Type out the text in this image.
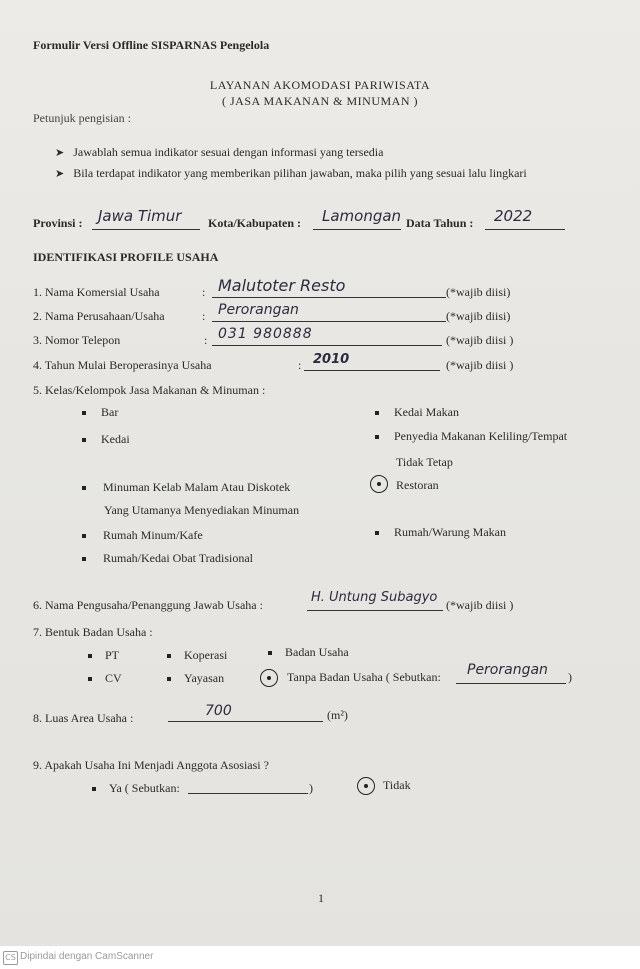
Formulir Versi Offline SISPARNAS Pengelola
LAYANAN AKOMODASI PARIWISATA
( JASA MAKANAN & MINUMAN )
Petunjuk pengisian :
➤ Jawablah semua indikator sesuai dengan informasi yang tersedia
➤ Bila terdapat indikator yang memberikan pilihan jawaban, maka pilih yang sesuai lalu lingkari
Provinsi : Jawa Timur Kota/Kabupaten : Lamongan Data Tahun : 2022
IDENTIFIKASI PROFILE USAHA
1. Nama Komersial Usaha	: Malutoter Resto	(*wajib diisi)
2. Nama Perusahaan/Usaha	: Perorangan	(*wajib diisi)
3. Nomor Telepon	: 031 980888	(*wajib diisi )
4. Tahun Mulai Beroperasinya Usaha	: 2010	(*wajib diisi )
5. Kelas/Kelompok Jasa Makanan & Minuman :
Bar
Kedai
Minuman Kelab Malam Atau Diskotek
Yang Utamanya Menyediakan Minuman
Rumah Minum/Kafe
Rumah/Kedai Obat Tradisional
Kedai Makan
Penyedia Makanan Keliling/Tempat
Tidak Tetap
Restoran
Rumah/Warung Makan
6. Nama Pengusaha/Penanggung Jawab Usaha :	H. Untung Subagyo (*wajib diisi )
7. Bentuk Badan Usaha :
PT	Koperasi	Badan Usaha
CV	Yayasan	Tanpa Badan Usaha ( Sebutkan: Perorangan )
8. Luas Area Usaha :	700	(m²)
9. Apakah Usaha Ini Menjadi Anggota Asosiasi ?
Ya ( Sebutkan:	)	Tidak
1
CS Dipindai dengan CamScanner
